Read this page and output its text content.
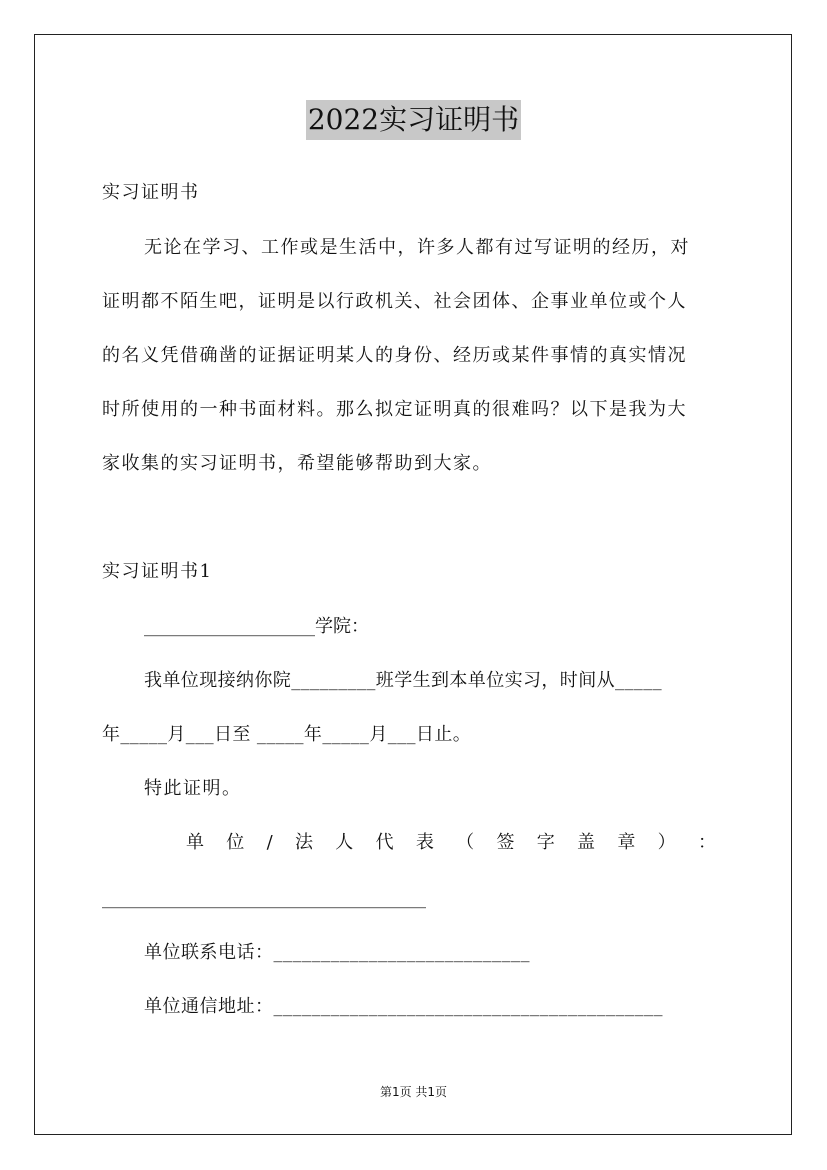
2022实习证明书
实习证明书
无论在学习、工作或是生活中，许多人都有过写证明的经历，对
证明都不陌生吧，证明是以行政机关、社会团体、企事业单位或个人
的名义凭借确凿的证据证明某人的身份、经历或某件事情的真实情况
时所使用的一种书面材料。那么拟定证明真的很难吗？以下是我为大
家收集的实习证明书，希望能够帮助到大家。
实习证明书1
___________________学院：
我单位现接纳你院_________班学生到本单位实习，时间从_____
年_____月___日至 _____年_____月___日止。
特此证明。
单 位 / 法 人 代 表 （ 签 字 盖 章 ） ：
____________________________________
单位联系电话：___________________________
单位通信地址：_________________________________________
第1页 共1页
